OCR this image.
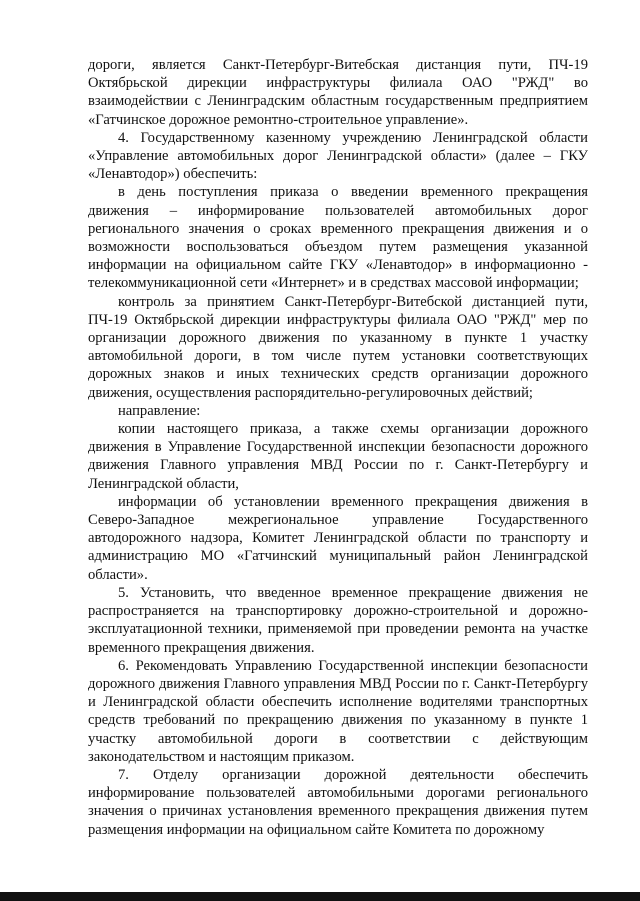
дороги, является Санкт-Петербург-Витебская дистанция пути, ПЧ-19 Октябрьской дирекции инфраструктуры филиала ОАО "РЖД" во взаимодействии с Ленинградским областным государственным предприятием «Гатчинское дорожное ремонтно-строительное управление».

4. Государственному казенному учреждению Ленинградской области «Управление автомобильных дорог Ленинградской области» (далее – ГКУ «Ленавтодор») обеспечить:

в день поступления приказа о введении временного прекращения движения – информирование пользователей автомобильных дорог регионального значения о сроках временного прекращения движения и о возможности воспользоваться объездом путем размещения указанной информации на официальном сайте ГКУ «Ленавтодор» в информационно - телекоммуникационной сети «Интернет» и в средствах массовой информации;

контроль за принятием Санкт-Петербург-Витебской дистанцией пути, ПЧ-19 Октябрьской дирекции инфраструктуры филиала ОАО "РЖД" мер по организации дорожного движения по указанному в пункте 1 участку автомобильной дороги, в том числе путем установки соответствующих дорожных знаков и иных технических средств организации дорожного движения, осуществления распорядительно-регулировочных действий;

направление:

копии настоящего приказа, а также схемы организации дорожного движения в Управление Государственной инспекции безопасности дорожного движения Главного управления МВД России по г. Санкт-Петербургу и Ленинградской области,

информации об установлении временного прекращения движения в Северо-Западное межрегиональное управление Государственного автодорожного надзора, Комитет Ленинградской области по транспорту и администрацию МО «Гатчинский муниципальный район Ленинградской области».

5. Установить, что введенное временное прекращение движения не распространяется на транспортировку дорожно-строительной и дорожно-эксплуатационной техники, применяемой при проведении ремонта на участке временного прекращения движения.

6. Рекомендовать Управлению Государственной инспекции безопасности дорожного движения Главного управления МВД России по г. Санкт-Петербургу и Ленинградской области обеспечить исполнение водителями транспортных средств требований по прекращению движения по указанному в пункте 1 участку автомобильной дороги в соответствии с действующим законодательством и настоящим приказом.

7. Отделу организации дорожной деятельности обеспечить информирование пользователей автомобильными дорогами регионального значения о причинах установления временного прекращения движения путем размещения информации на официальном сайте Комитета по дорожному
